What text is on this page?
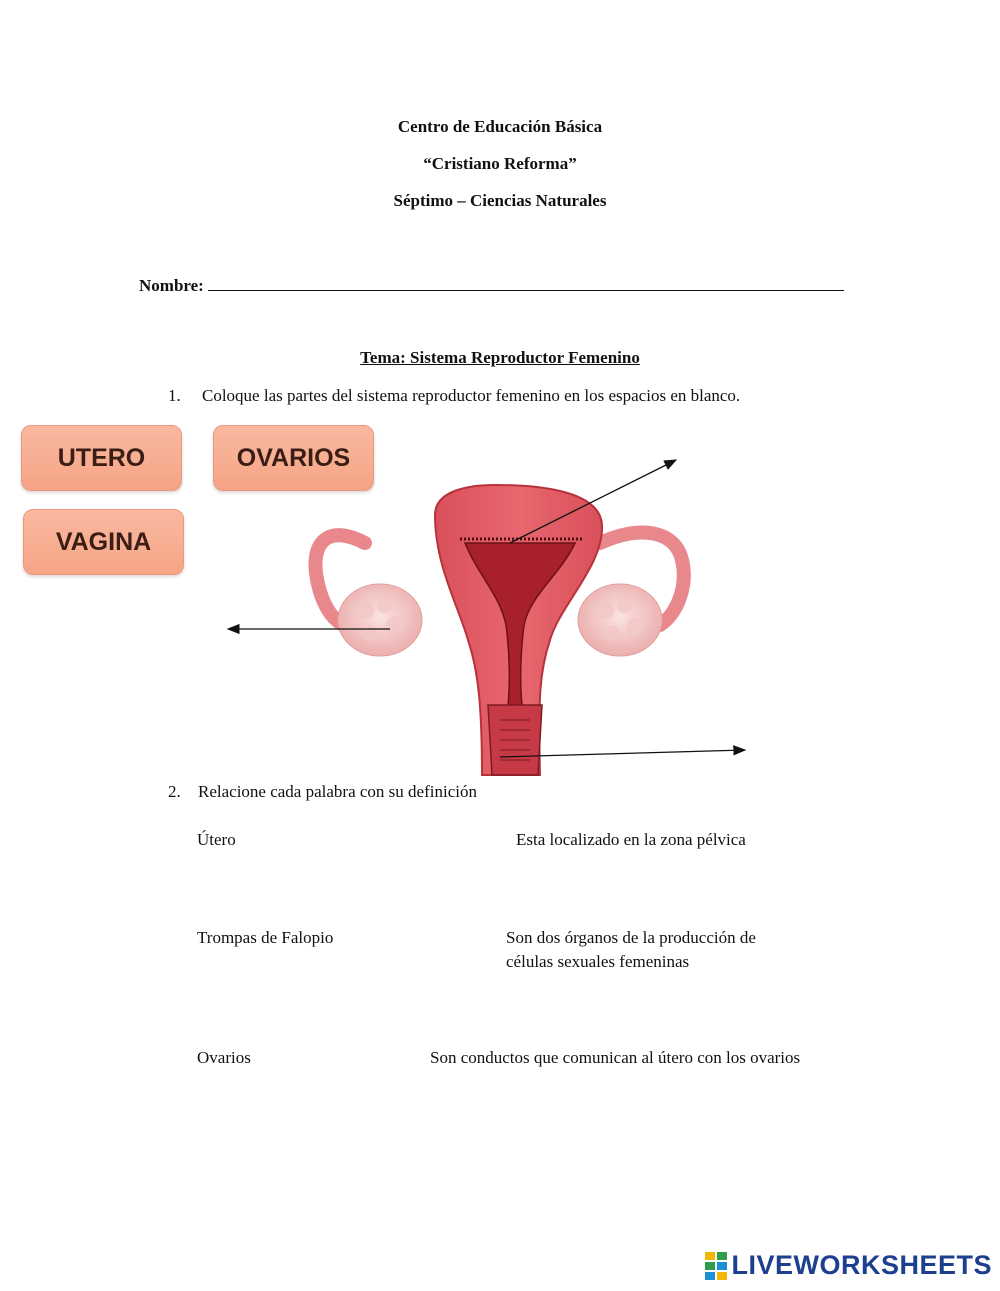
Centro de Educación Básica
“Cristiano Reforma”
Séptimo – Ciencias Naturales
Nombre:
Tema: Sistema Reproductor Femenino
1. Coloque las partes del sistema reproductor femenino en los espacios en blanco.
UTERO	OVARIOS
VAGINA
2. Relacione cada palabra con su definición
Útero	Esta localizado en la zona pélvica
Trompas de Falopio	Son dos órganos de la producción de
células sexuales femeninas
Ovarios	Son conductos que comunican al útero con los ovarios
LIVEWORKSHEETS
